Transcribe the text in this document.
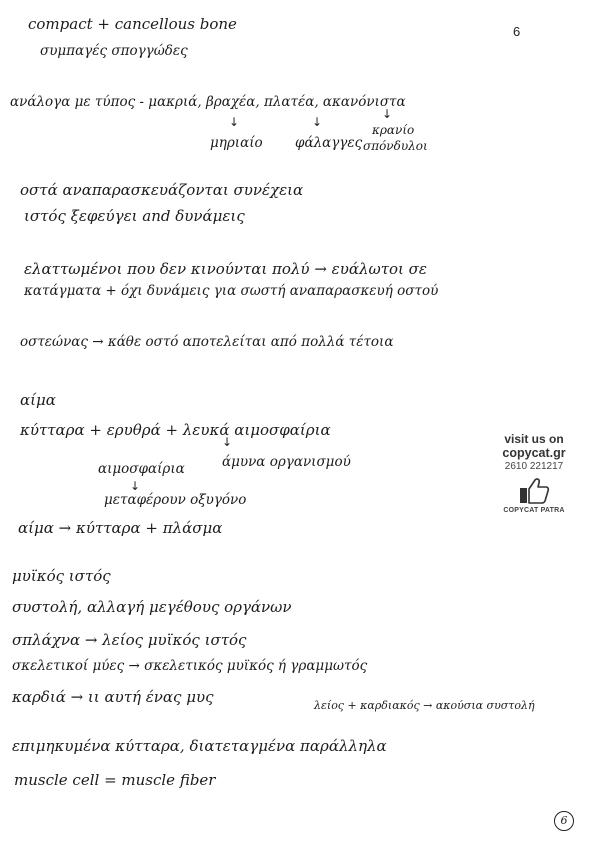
6
compact + cancellous bone
συμπαγές σπογγώδες
ανάλογα με τύπος - μακριά, βραχέα, πλατέα, ακανόνιστα
↓	↓
↓
μηριαίο φάλαγγες
κρανίο
σπόνδυλοι
οστά αναπαρασκευάζονται συνέχεια
ιστός ξεφεύγει and δυνάμεις
ελαττωμένοι που δεν κινούνται πολύ → ευάλωτοι σε
κατάγματα + όχι δυνάμεις για σωστή αναπαρασκευή οστού
οστεώνας → κάθε οστό αποτελείται από πολλά τέτοια
αίμα
κύτταρα + ερυθρά + λευκά αιμοσφαίρια
↓
αιμοσφαίρια	άμυνα οργανισμού
↓
μεταφέρουν οξυγόνο
αίμα → κύτταρα + πλάσμα
μυϊκός ιστός
συστολή, αλλαγή μεγέθους οργάνων
σπλάχνα → λείος μυϊκός ιστός
σκελετικοί μύες → σκελετικός μυϊκός ή γραμμωτός
καρδιά → ιι αυτή ένας μυς	λείος + καρδιακός → ακούσια συστολή
επιμηκυμένα κύτταρα, διατεταγμένα παράλληλα
muscle cell = muscle fiber
visit us on
copycat.gr
2610 221217
COPYCAT PATRA
6
